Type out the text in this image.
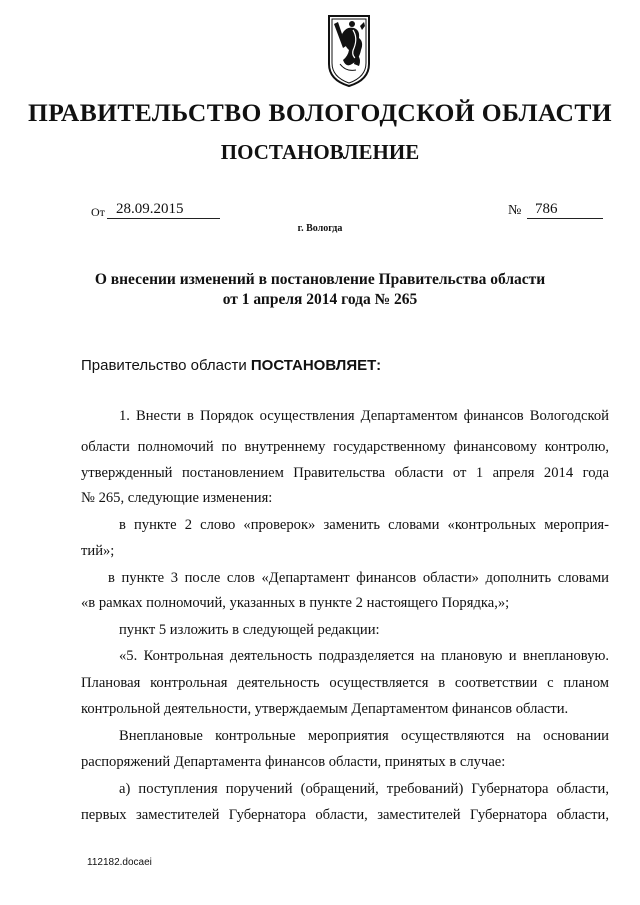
ПРАВИТЕЛЬСТВО ВОЛОГОДСКОЙ ОБЛАСТИ
ПОСТАНОВЛЕНИЕ
От 28.09.2015	№ 786
г. Вологда
О внесении изменений в постановление Правительства области
от 1 апреля 2014 года № 265
Правительство области ПОСТАНОВЛЯЕТ:
1. Внести в Порядок осуществления Департаментом финансов Вологодской
области полномочий по внутреннему государственному финансовому контролю,
утвержденный постановлением Правительства области от 1 апреля 2014 года
№ 265, следующие изменения:
в пункте 2 слово «проверок» заменить словами «контрольных мероприя-
тий»;
в пункте 3 после слов «Департамент финансов области» дополнить словами
«в рамках полномочий, указанных в пункте 2 настоящего Порядка,»;
пункт 5 изложить в следующей редакции:
«5. Контрольная деятельность подразделяется на плановую и внеплановую.
Плановая контрольная деятельность осуществляется в соответствии с планом
контрольной деятельности, утверждаемым Департаментом финансов области.
Внеплановые контрольные мероприятия осуществляются на основании
распоряжений Департамента финансов области, принятых в случае:
а) поступления поручений (обращений, требований) Губернатора области,
первых заместителей Губернатора области, заместителей Губернатора области,
112182.docaei
